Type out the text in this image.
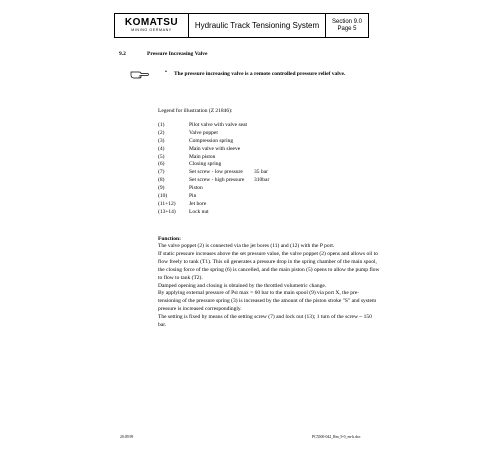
KOMATSU
MINING GERMANY	Hydraulic Track Tensioning System	Section 9.0
Page 5
9.2	Pressure Increasing Valve
• The pressure increasing valve is a remote controlled pressure relief valve.
Legend for illustration (Z 21846):
(1)	Pilot valve with valve seat
(2)	Valve poppet
(3)	Compression spring
(4)	Main valve with sleeve
(5)	Main piston
(6)	Closing spring
(7)	Set screw - low pressure	35 bar
(8)	Set screw - high pressure	310bar
(9)	Piston
(10)	Pin
(11+12)	Jet bore
(13+14)	Lock nut
Function:

The valve poppet (2) is connected via the jet bores (11) and (12) with the P port.

If static pressure increases above the set pressure value, the valve poppet (2) opens and allows oil to flow freely to tank (T1). This oil generates a pressure drop in the spring chamber of the main spool, the closing force of the spring (6) is cancelled, and the main piston (5) opens to allow the pump flow to flow to tank (T2).

Damped opening and closing is obtained by the throttled volumetric change.

By applying external pressure of Pst max = 60 bar to the main spool (9) via port X, the pre-tensioning of the pressure spring (3) is increased by the amount of the piston stroke "S" and system pressure is increased correspondingly.

The setting is fixed by means of the setting screw (7) and lock nut (13); 1 turn of the screw ~ 150 bar.

20.09.99	PC5500-042_Rm_9-0_en-b.doc
